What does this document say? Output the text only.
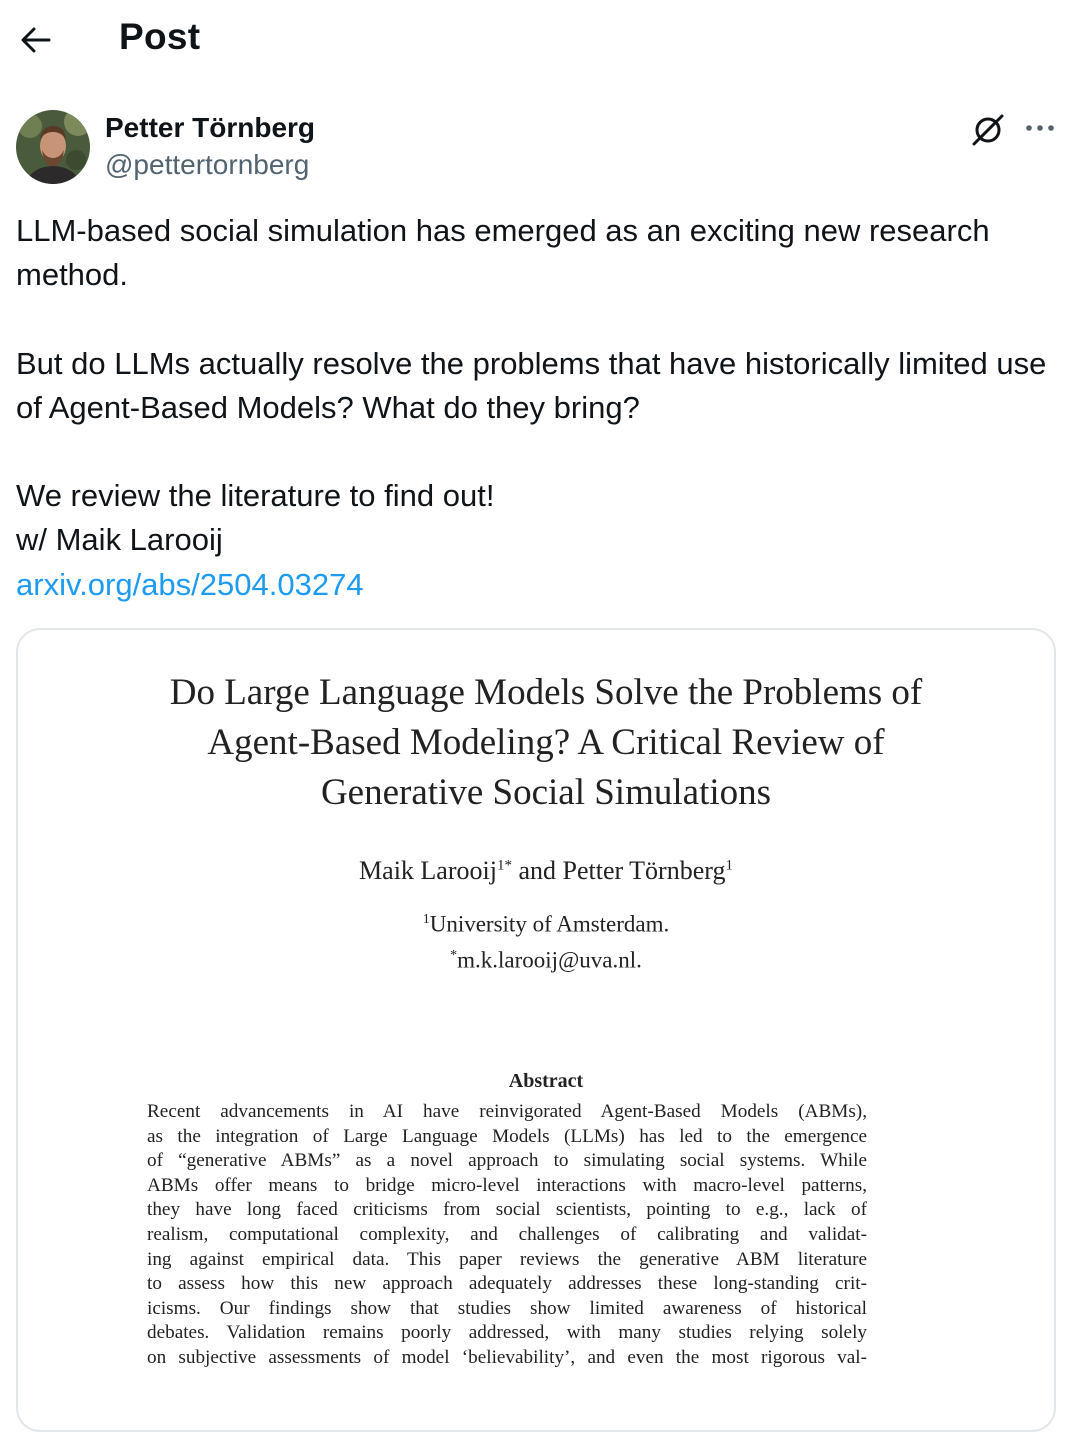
Post
Petter Törnberg
@pettertornberg
LLM-based social simulation has emerged as an exciting new research method.

But do LLMs actually resolve the problems that have historically limited use of Agent-Based Models? What do they bring?

We review the literature to find out!
w/ Maik Larooij
arxiv.org/abs/2504.03274
Do Large Language Models Solve the Problems of
Agent-Based Modeling? A Critical Review of
Generative Social Simulations
Maik Larooij$^{1*}$ and Petter Törnberg$^1$
$^1$University of Amsterdam.
*m.k.larooij@uva.nl.
Abstract
Recent advancements in AI have reinvigorated Agent-Based Models (ABMs),
as the integration of Large Language Models (LLMs) has led to the emergence
of “generative ABMs” as a novel approach to simulating social systems. While
ABMs offer means to bridge micro-level interactions with macro-level patterns,
they have long faced criticisms from social scientists, pointing to e.g., lack of
realism, computational complexity, and challenges of calibrating and validat-
ing against empirical data. This paper reviews the generative ABM literature
to assess how this new approach adequately addresses these long-standing crit-
icisms. Our findings show that studies show limited awareness of historical
debates. Validation remains poorly addressed, with many studies relying solely
on subjective assessments of model ‘believability’, and even the most rigorous val-
